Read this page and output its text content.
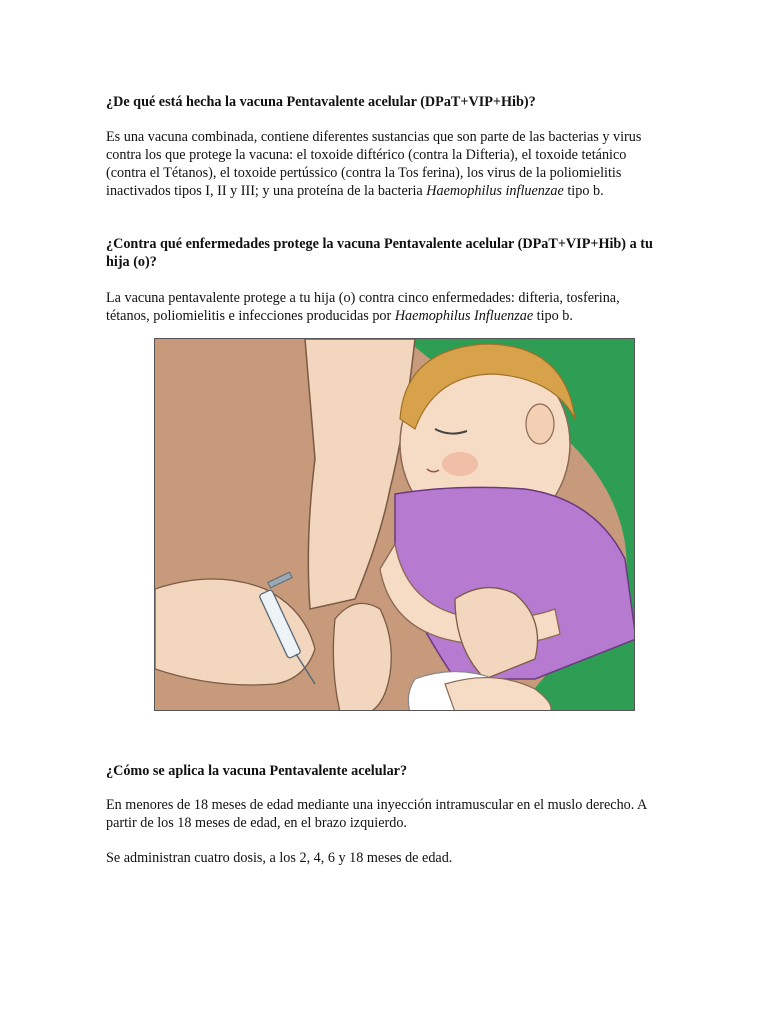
¿De qué está hecha la vacuna Pentavalente acelular (DPaT+VIP+Hib)?

Es una vacuna combinada, contiene diferentes sustancias que son parte de las bacterias y virus contra los que protege la vacuna: el toxoide diftérico (contra la Difteria), el toxoide tetánico (contra el Tétanos), el toxoide pertússico (contra la Tos ferina), los virus de la poliomielitis inactivados tipos I, II y III; y una proteína de la bacteria Haemophilus influenzae tipo b.

¿Contra qué enfermedades protege la vacuna Pentavalente acelular (DPaT+VIP+Hib) a tu hija (o)?

La vacuna pentavalente protege a tu hija (o) contra cinco enfermedades: difteria, tosferina, tétanos, poliomielitis e infecciones producidas por Haemophilus Influenzae tipo b.

¿Cómo se aplica la vacuna Pentavalente acelular?

En menores de 18 meses de edad mediante una inyección intramuscular en el muslo derecho. A partir de los 18 meses de edad, en el brazo izquierdo.

Se administran cuatro dosis, a los 2, 4, 6 y 18 meses de edad.
